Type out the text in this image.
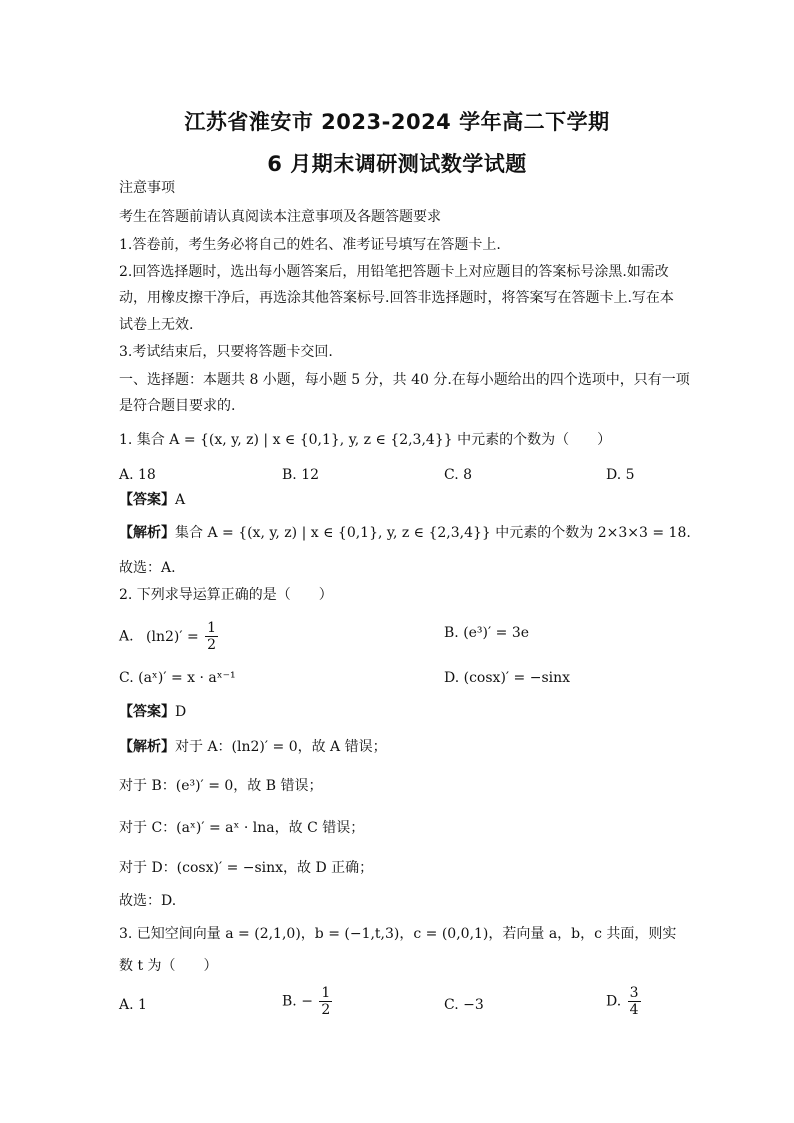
江苏省淮安市 2023-2024 学年高二下学期
6 月期末调研测试数学试题
注意事项
考生在答题前请认真阅读本注意事项及各题答题要求
1.答卷前，考生务必将自己的姓名、准考证号填写在答题卡上.
2.回答选择题时，选出每小题答案后，用铅笔把答题卡上对应题目的答案标号涂黑.如需改
动，用橡皮擦干净后，再选涂其他答案标号.回答非选择题时，将答案写在答题卡上.写在本
试卷上无效.
3.考试结束后，只要将答题卡交回.
一、选择题：本题共 8 小题，每小题 5 分，共 40 分.在每小题给出的四个选项中，只有一项
是符合题目要求的.
1. 集合 A = {(x, y, z) | x ∈ {0,1}, y, z ∈ {2,3,4}} 中元素的个数为（　　）
A. 18	B. 12	C. 8	D. 5
【答案】A
【解析】集合 A = {(x, y, z) | x ∈ {0,1}, y, z ∈ {2,3,4}} 中元素的个数为 2×3×3 = 18.
故选：A.
2. 下列求导运算正确的是（　　）
A. $(\ln 2)' = \frac{1}{2}$	B. (e³)′ = 3e
C. (aˣ)′ = x · aˣ⁻¹	D. (cosx)′ = −sinx
【答案】D
【解析】对于 A：(ln2)′ = 0，故 A 错误；
对于 B：(e³)′ = 0，故 B 错误；
对于 C：(aˣ)′ = aˣ · lna，故 C 错误；
对于 D：(cosx)′ = −sinx，故 D 正确；
故选：D.
3. 已知空间向量 a = (2,1,0)，b = (−1,t,3)，c = (0,0,1)，若向量 a，b，c 共面，则实
数 t 为（　　）
A. 1	B. − $\frac{1}{2}$	C. −3	D. $\frac{3}{4}$
